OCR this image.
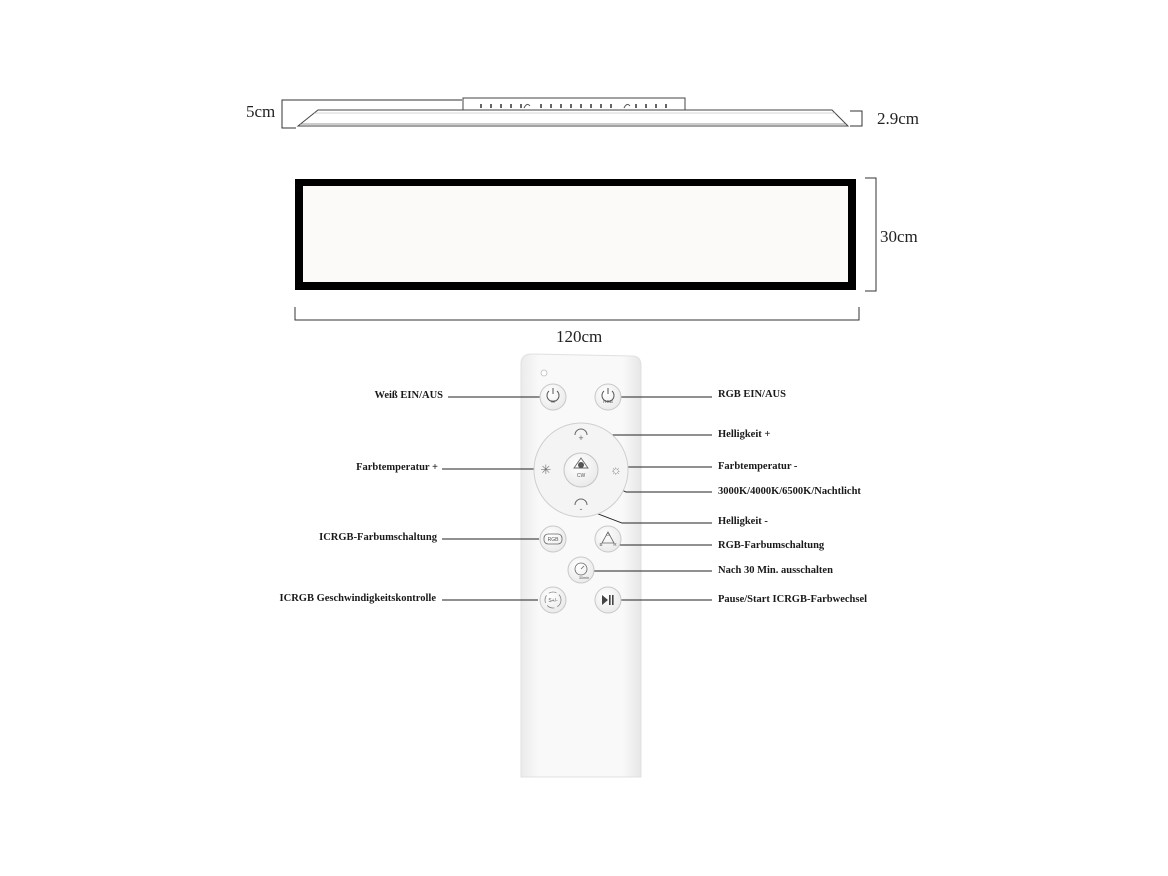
5cm	2.9cm
30cm
120cm
W	RGB
+
-
✳	☼
CW
RGB
G
B R
30min
S+/-
Weiß EIN/AUS
Farbtemperatur +
ICRGB-Farbumschaltung
ICRGB Geschwindigkeitskontrolle
RGB EIN/AUS
Helligkeit +
Farbtemperatur -
3000K/4000K/6500K/Nachtlicht
Helligkeit -
RGB-Farbumschaltung
Nach 30 Min. ausschalten
Pause/Start ICRGB-Farbwechsel
